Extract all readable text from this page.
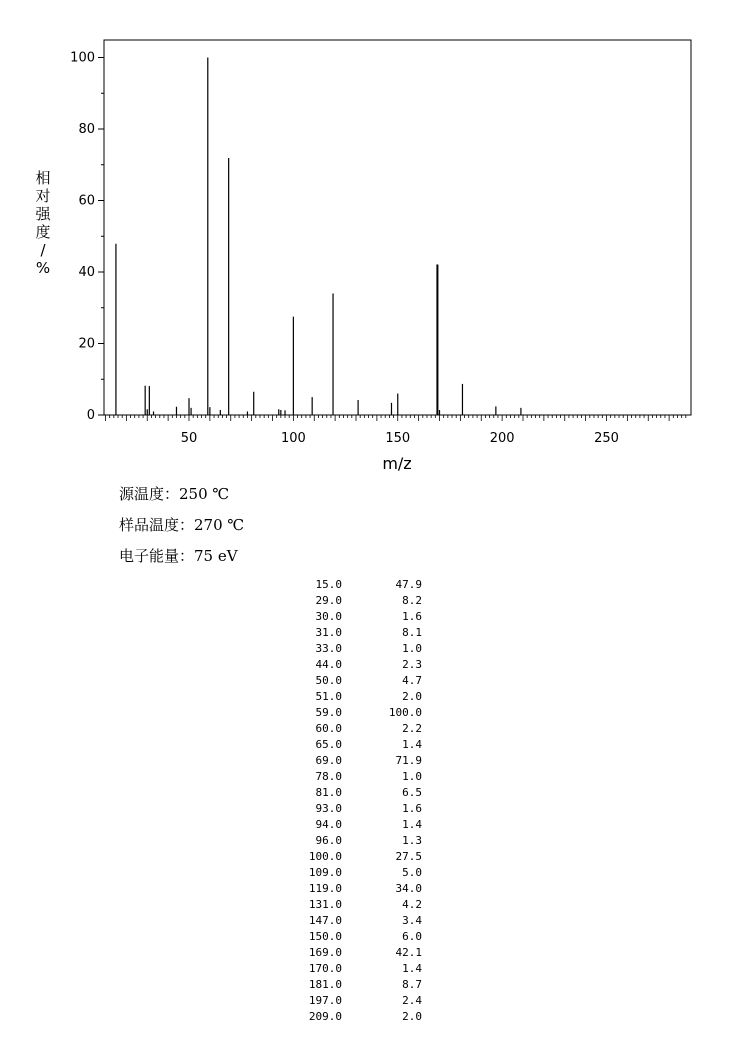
0
20
40
60
80
100
50	100	150	200	250
m/z
相对强度/ %
源温度：250 ℃
样品温度：270 ℃
电子能量：75 eV
15.0	47.9
29.0	8.2
30.0	1.6
31.0	8.1
33.0	1.0
44.0	2.3
50.0	4.7
51.0	2.0
59.0	100.0
60.0	2.2
65.0	1.4
69.0	71.9
78.0	1.0
81.0	6.5
93.0	1.6
94.0	1.4
96.0	1.3
100.0	27.5
109.0	5.0
119.0	34.0
131.0	4.2
147.0	3.4
150.0	6.0
169.0	42.1
170.0	1.4
181.0	8.7
197.0	2.4
209.0	2.0
